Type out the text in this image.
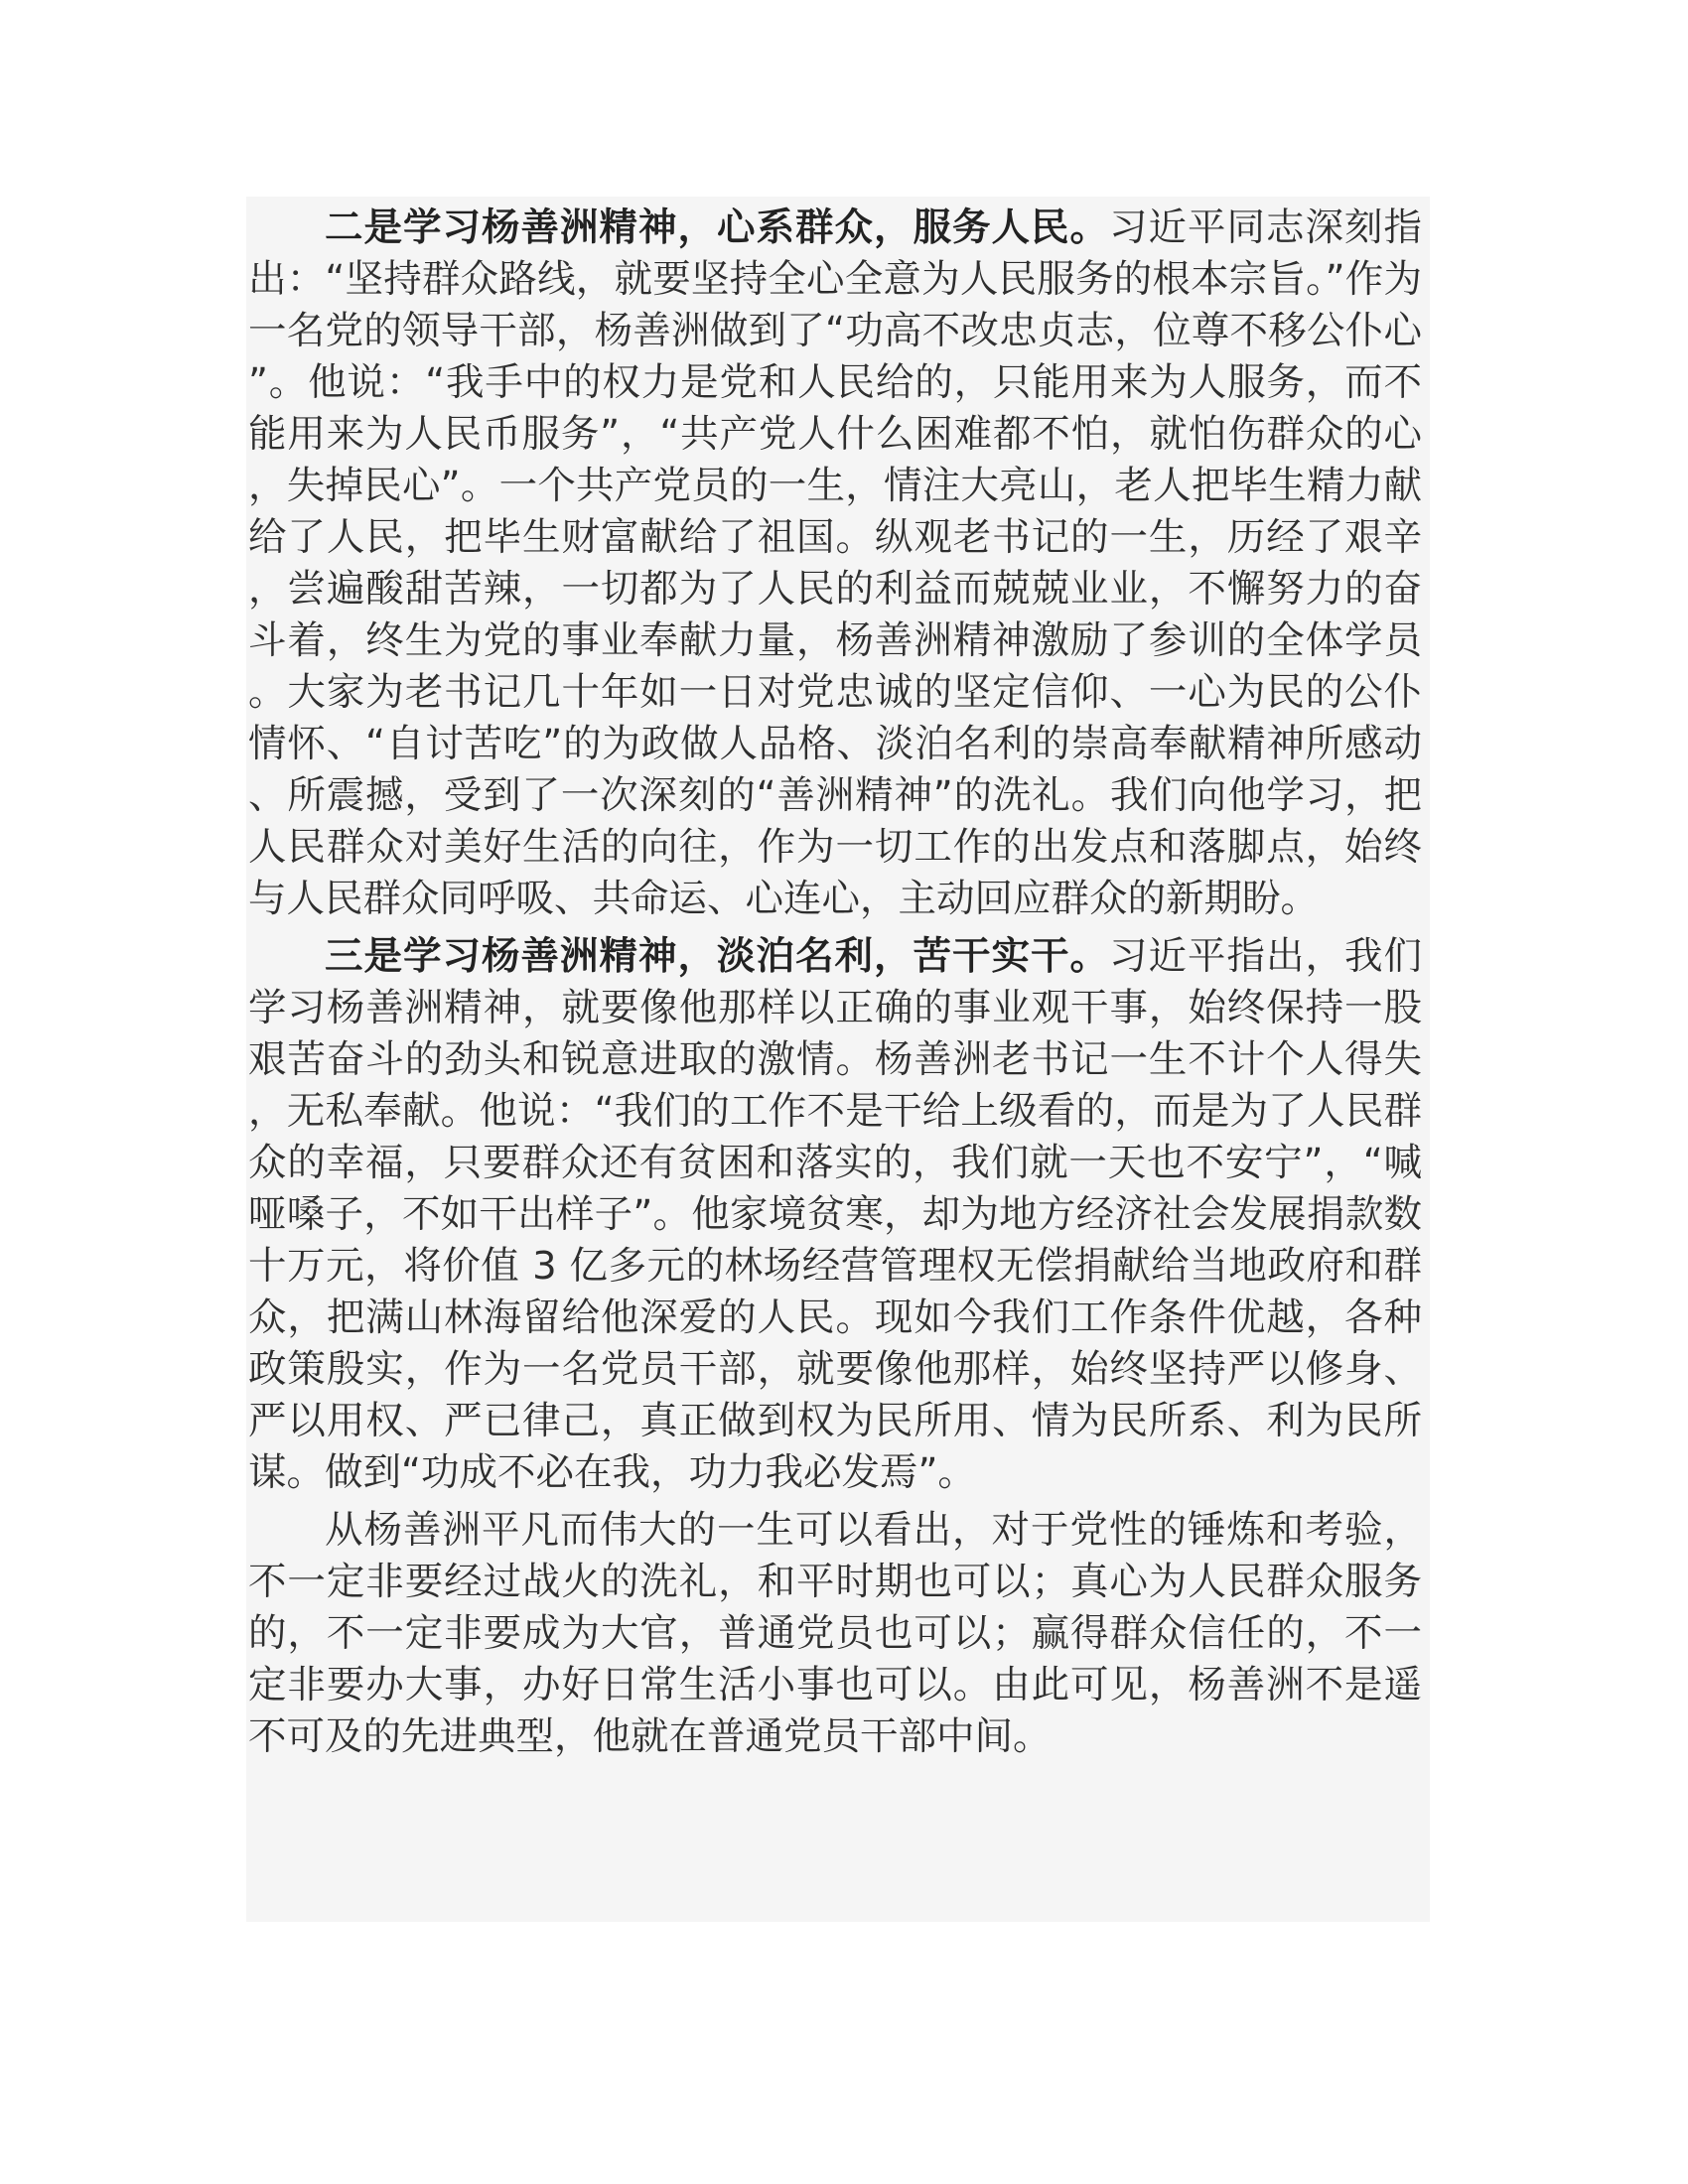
二是学习杨善洲精神，心系群众，服务人民。习近平同志深刻指出：“坚持群众路线，就要坚持全心全意为人民服务的根本宗旨。”作为一名党的领导干部，杨善洲做到了“功高不改忠贞志，位尊不移公仆心”。他说：“我手中的权力是党和人民给的，只能用来为人服务，而不能用来为人民币服务”，“共产党人什么困难都不怕，就怕伤群众的心，失掉民心”。一个共产党员的一生，情注大亮山，老人把毕生精力献给了人民，把毕生财富献给了祖国。纵观老书记的一生，历经了艰辛，尝遍酸甜苦辣，一切都为了人民的利益而兢兢业业，不懈努力的奋斗着，终生为党的事业奉献力量，杨善洲精神激励了参训的全体学员。大家为老书记几十年如一日对党忠诚的坚定信仰、一心为民的公仆情怀、“自讨苦吃”的为政做人品格、淡泊名利的崇高奉献精神所感动、所震撼，受到了一次深刻的“善洲精神”的洗礼。我们向他学习，把人民群众对美好生活的向往，作为一切工作的出发点和落脚点，始终与人民群众同呼吸、共命运、心连心，主动回应群众的新期盼。

三是学习杨善洲精神，淡泊名利，苦干实干。习近平指出，我们学习杨善洲精神，就要像他那样以正确的事业观干事，始终保持一股艰苦奋斗的劲头和锐意进取的激情。杨善洲老书记一生不计个人得失，无私奉献。他说：“我们的工作不是干给上级看的，而是为了人民群众的幸福，只要群众还有贫困和落实的，我们就一天也不安宁”，“喊哑嗓子，不如干出样子”。他家境贫寒，却为地方经济社会发展捐款数十万元，将价值 3 亿多元的林场经营管理权无偿捐献给当地政府和群众，把满山林海留给他深爱的人民。现如今我们工作条件优越，各种政策殷实，作为一名党员干部，就要像他那样，始终坚持严以修身、严以用权、严已律己，真正做到权为民所用、情为民所系、利为民所谋。做到“功成不必在我，功力我必发焉”。

从杨善洲平凡而伟大的一生可以看出，对于党性的锤炼和考验，不一定非要经过战火的洗礼，和平时期也可以；真心为人民群众服务的，不一定非要成为大官，普通党员也可以；赢得群众信任的，不一定非要办大事，办好日常生活小事也可以。由此可见，杨善洲不是遥不可及的先进典型，他就在普通党员干部中间。
